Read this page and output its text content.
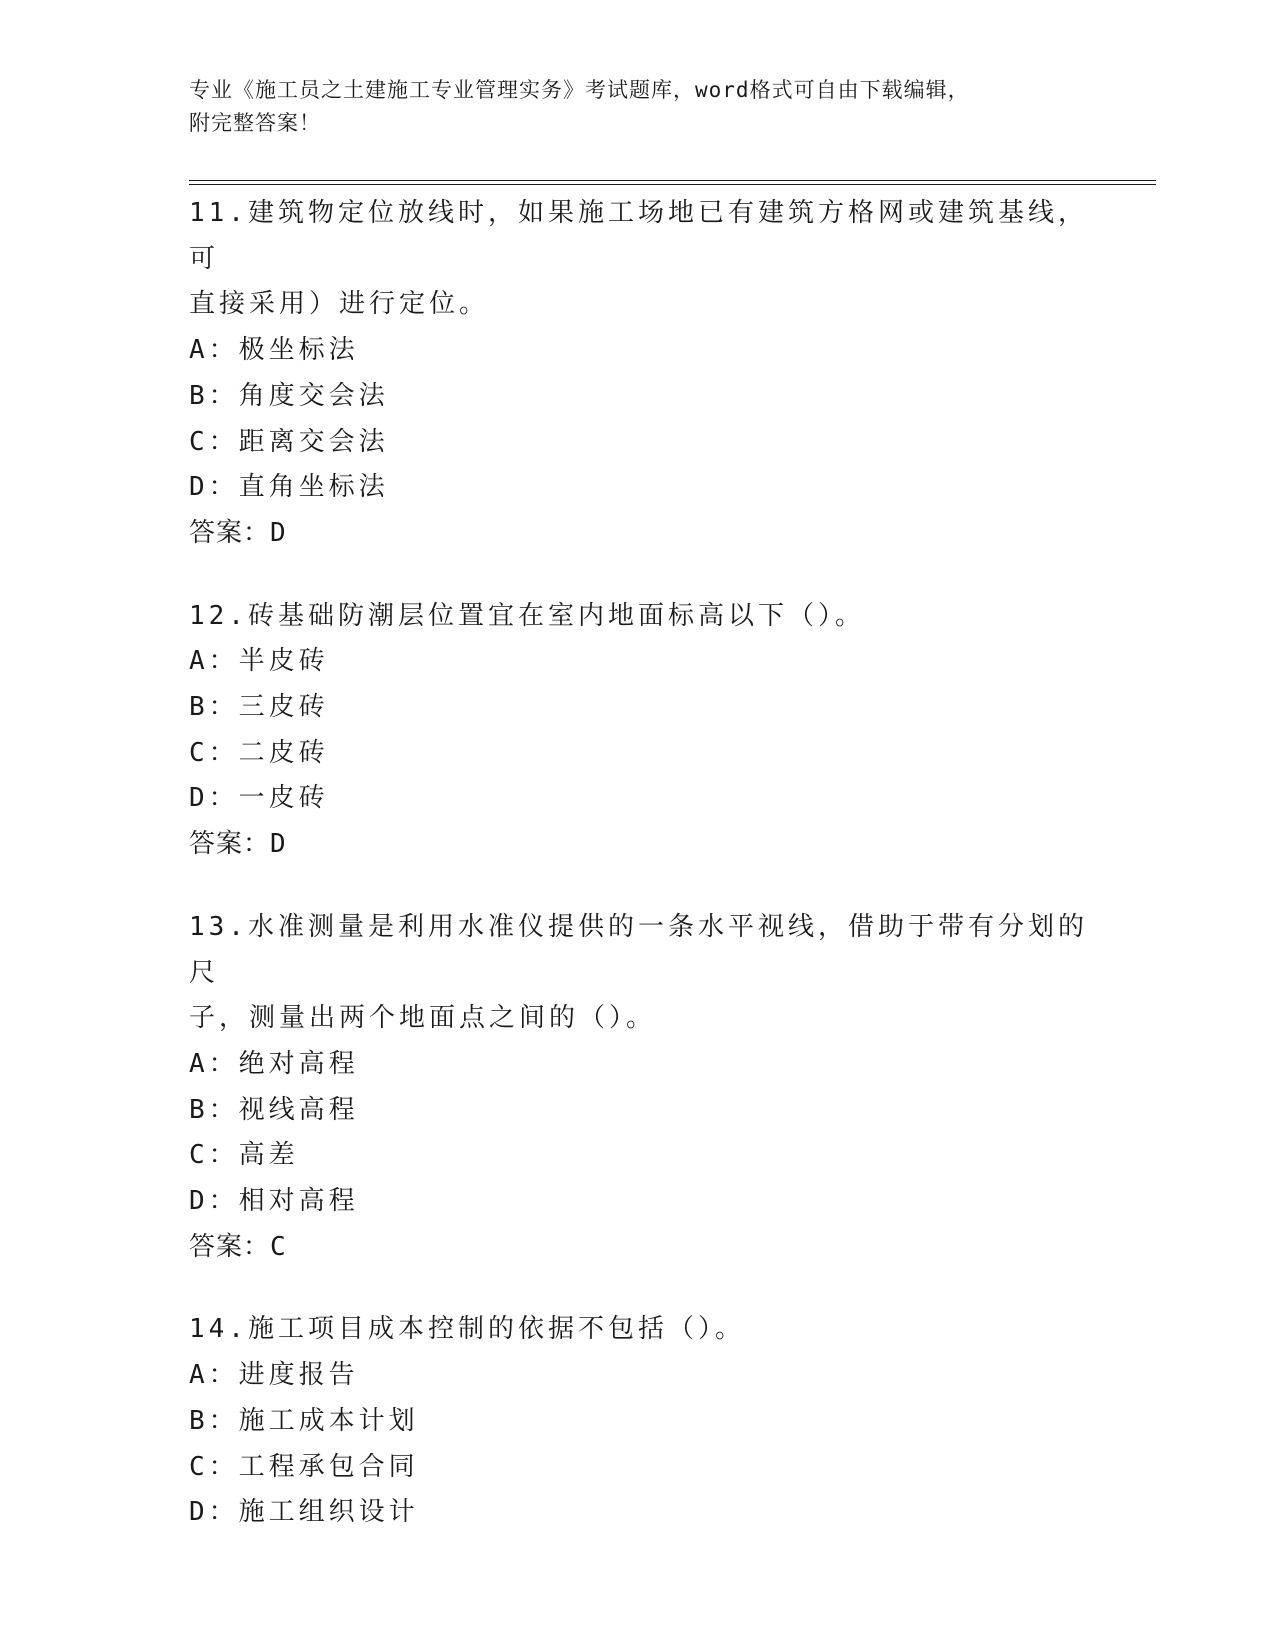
专业《施工员之土建施工专业管理实务》考试题库，word格式可自由下载编辑，
附完整答案！
11.建筑物定位放线时，如果施工场地已有建筑方格网或建筑基线，可
直接采用）进行定位。
A：极坐标法
B：角度交会法
C：距离交会法
D：直角坐标法
答案：D
12.砖基础防潮层位置宜在室内地面标高以下（）。
A：半皮砖
B：三皮砖
C：二皮砖
D：一皮砖
答案：D
13.水准测量是利用水准仪提供的一条水平视线，借助于带有分划的尺
子，测量出两个地面点之间的（）。
A：绝对高程
B：视线高程
C：高差
D：相对高程
答案：C
14.施工项目成本控制的依据不包括（）。
A：进度报告
B：施工成本计划
C：工程承包合同
D：施工组织设计
